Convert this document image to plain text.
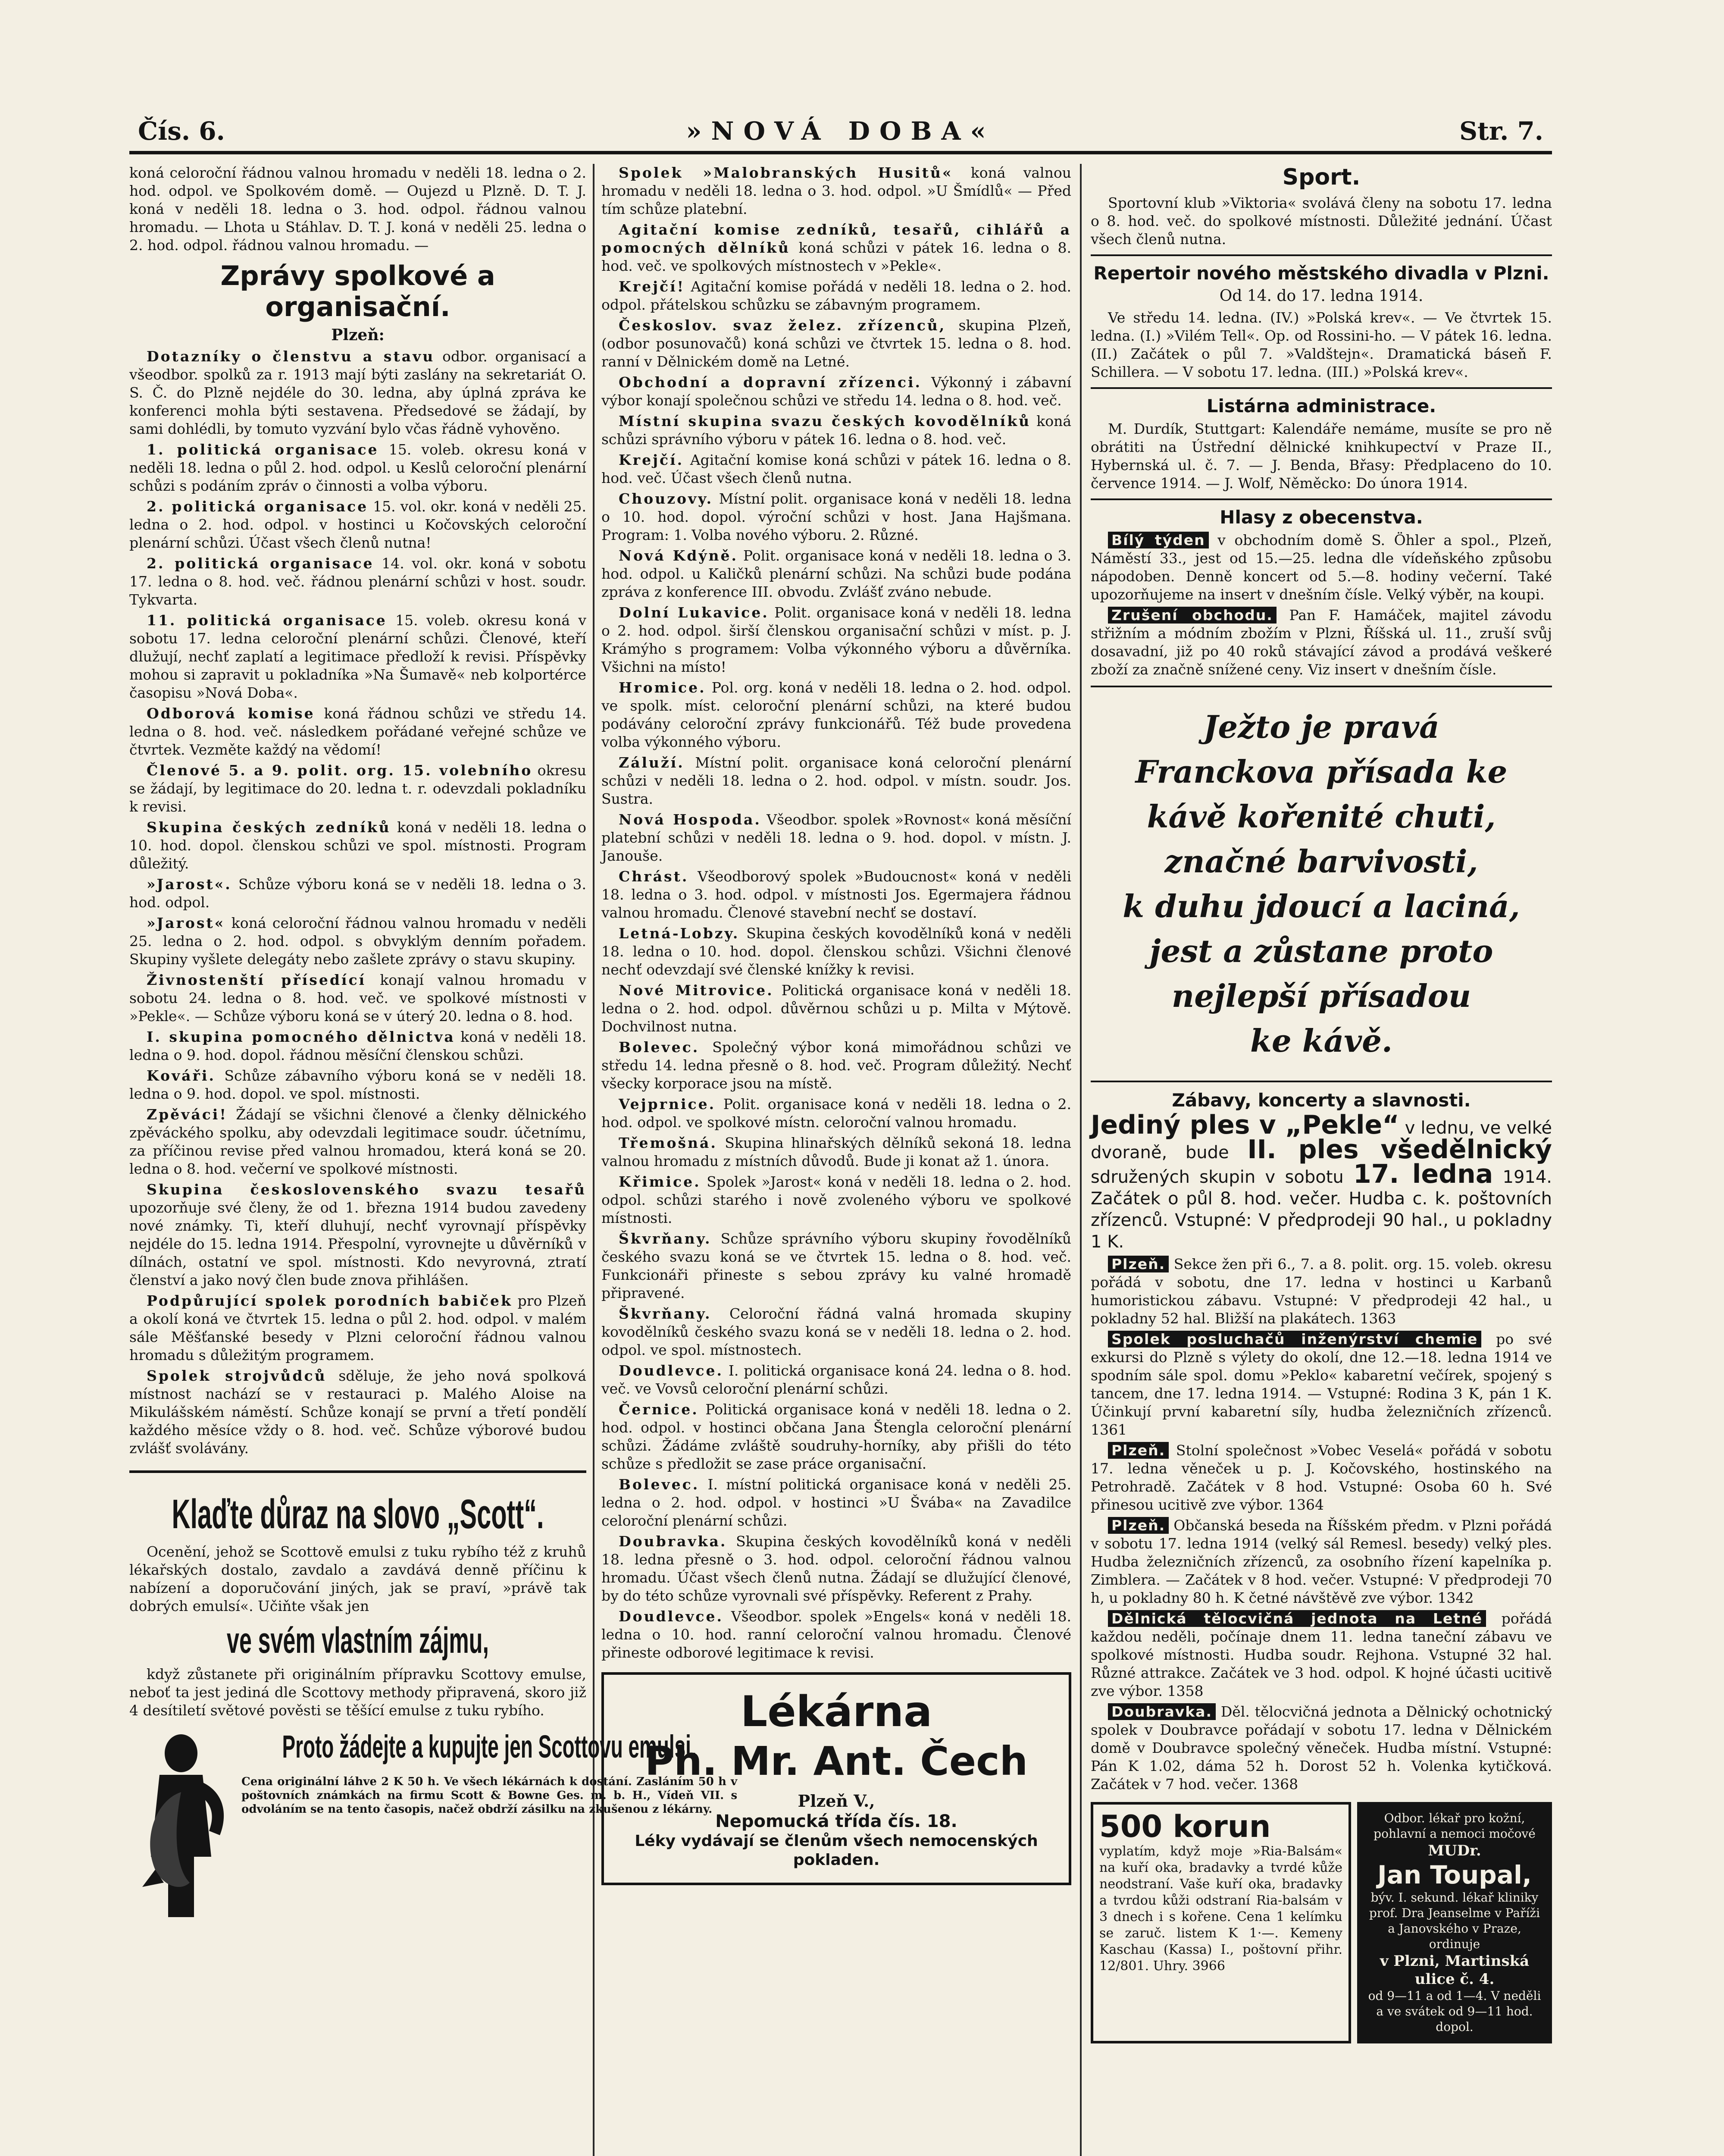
Čís. 6.	»NOVÁ DOBA«	Str. 7.

koná celoroční řádnou valnou hromadu v neděli 18. ledna o 2. hod. odpol. ve Spolkovém domě. — Oujezd u Plzně. D. T. J. koná v neděli 18. ledna o 3. hod. odpol. řádnou valnou hromadu. — Lhota u Stáhlav. D. T. J. koná v neděli 25. ledna o 2. hod. odpol. řádnou valnou hromadu. —

Zprávy spolkové a organisační.
Plzeň:

Dotazníky o členstvu a stavu odbor. organisací a všeodbor. spolků za r. 1913 mají býti zaslány na sekretariát O. S. Č. do Plzně nejdéle do 30. ledna, aby úplná zpráva ke konferenci mohla býti sestavena. Předsedové se žádají, by sami dohlédli, by tomuto vyzvání bylo včas řádně vyhověno.

1. politická organisace 15. voleb. okresu koná v neděli 18. ledna o půl 2. hod. odpol. u Keslů celoroční plenární schůzi s podáním zpráv o činnosti a volba výboru.

2. politická organisace 15. vol. okr. koná v neděli 25. ledna o 2. hod. odpol. v hostinci u Kočovských celoroční plenární schůzi. Účast všech členů nutna!

2. politická organisace 14. vol. okr. koná v sobotu 17. ledna o 8. hod. več. řádnou plenární schůzi v host. soudr. Tykvarta.

11. politická organisace 15. voleb. okresu koná v sobotu 17. ledna celoroční plenární schůzi. Členové, kteří dlužují, nechť zaplatí a legitimace předloží k revisi. Příspěvky mohou si zapravit u pokladníka »Na Šumavě« neb kolportérce časopisu »Nová Doba«.

Odborová komise koná řádnou schůzi ve středu 14. ledna o 8. hod. več. následkem pořádané veřejné schůze ve čtvrtek. Vezměte každý na vědomí!

Členové 5. a 9. polit. org. 15. volebního okresu se žádají, by legitimace do 20. ledna t. r. odevzdali pokladníku k revisi.

Skupina českých zedníků koná v neděli 18. ledna o 10. hod. dopol. členskou schůzi ve spol. místnosti. Program důležitý.

»Jarost«. Schůze výboru koná se v neděli 18. ledna o 3. hod. odpol.

»Jarost« koná celoroční řádnou valnou hromadu v neděli 25. ledna o 2. hod. odpol. s obvyklým denním pořadem. Skupiny vyšlete delegáty nebo zašlete zprávy o stavu skupiny.

Živnostenští přísedící konají valnou hromadu v sobotu 24. ledna o 8. hod. več. ve spolkové místnosti v »Pekle«. — Schůze výboru koná se v úterý 20. ledna o 8. hod.

I. skupina pomocného dělnictva koná v neděli 18. ledna o 9. hod. dopol. řádnou měsíční členskou schůzi.

Kováři. Schůze zábavního výboru koná se v neděli 18. ledna o 9. hod. dopol. ve spol. místnosti.

Zpěváci! Žádají se všichni členové a členky dělnického zpěváckého spolku, aby odevzdali legitimace soudr. účetnímu, za příčinou revise před valnou hromadou, která koná se 20. ledna o 8. hod. večerní ve spolkové místnosti.

Skupina československého svazu tesařů upozorňuje své členy, že od 1. března 1914 budou zavedeny nové známky. Ti, kteří dluhují, nechť vyrovnají příspěvky nejdéle do 15. ledna 1914. Přespolní, vyrovnejte u důvěrníků v dílnách, ostatní ve spol. místnosti. Kdo nevyrovná, ztratí členství a jako nový člen bude znova přihlášen.

Podpůrující spolek porodních babiček pro Plzeň a okolí koná ve čtvrtek 15. ledna o půl 2. hod. odpol. v malém sále Měšťanské besedy v Plzni celoroční řádnou valnou hromadu s důležitým programem.

Spolek strojvůdců sděluje, že jeho nová spolková místnost nachází se v restauraci p. Malého Aloise na Mikulášském náměstí. Schůze konají se první a třetí pondělí každého měsíce vždy o 8. hod. več. Schůze výborové budou zvlášť svolávány.

Klaďte důraz na slovo „Scott“.

Ocenění, jehož se Scottově emulsi z tuku rybího též z kruhů lékařských dostalo, zavdalo a zavdává denně příčinu k nabízení a doporučování jiných, jak se praví, »právě tak dobrých emulsí«. Učiňte však jen

ve svém vlastním zájmu,

když zůstanete při originálním přípravku Scottovy emulse, neboť ta jest jediná dle Scottovy methody připravená, skoro již 4 desítiletí světové pověsti se těšící emulse z tuku rybího.

Proto žádejte a kupujte jen Scottovu emulsi.

Cena originální láhve 2 K 50 h. Ve všech lékárnách k dostání. Zasláním 50 h v poštovních známkách na firmu Scott & Bowne Ges. m. b. H., Vídeň VII. s odvoláním se na tento časopis, načež obdrží zásilku na zkušenou z lékárny.

Spolek »Malobranských Husitů« koná valnou hromadu v neděli 18. ledna o 3. hod. odpol. »U Šmídlů« — Před tím schůze platební.

Agitační komise zedníků, tesařů, cihlářů a pomocných dělníků koná schůzi v pátek 16. ledna o 8. hod. več. ve spolkových místnostech v »Pekle«.

Krejčí! Agitační komise pořádá v neděli 18. ledna o 2. hod. odpol. přátelskou schůzku se zábavným programem.

Českoslov. svaz želez. zřízenců, skupina Plzeň, (odbor posunovačů) koná schůzi ve čtvrtek 15. ledna o 8. hod. ranní v Dělnickém domě na Letné.

Obchodní a dopravní zřízenci. Výkonný i zábavní výbor konají společnou schůzi ve středu 14. ledna o 8. hod. več.

Místní skupina svazu českých kovodělníků koná schůzi správního výboru v pátek 16. ledna o 8. hod. več.

Krejčí. Agitační komise koná schůzi v pátek 16. ledna o 8. hod. več. Účast všech členů nutna.

Chouzovy. Místní polit. organisace koná v neděli 18. ledna o 10. hod. dopol. výroční schůzi v host. Jana Hajšmana. Program: 1. Volba nového výboru. 2. Různé.

Nová Kdýně. Polit. organisace koná v neděli 18. ledna o 3. hod. odpol. u Kaličků plenární schůzi. Na schůzi bude podána zpráva z konference III. obvodu. Zvlášť zváno nebude.

Dolní Lukavice. Polit. organisace koná v neděli 18. ledna o 2. hod. odpol. širší členskou organisační schůzi v míst. p. J. Krámýho s programem: Volba výkonného výboru a důvěrníka. Všichni na místo!

Hromice. Pol. org. koná v neděli 18. ledna o 2. hod. odpol. ve spolk. míst. celoroční plenární schůzi, na které budou podávány celoroční zprávy funkcionářů. Též bude provedena volba výkonného výboru.

Záluží. Místní polit. organisace koná celoroční plenární schůzi v neděli 18. ledna o 2. hod. odpol. v místn. soudr. Jos. Sustra.

Nová Hospoda. Všeodbor. spolek »Rovnost« koná měsíční platební schůzi v neděli 18. ledna o 9. hod. dopol. v místn. J. Janouše.

Chrást. Všeodborový spolek »Budoucnost« koná v neděli 18. ledna o 3. hod. odpol. v místnosti Jos. Egermajera řádnou valnou hromadu. Členové stavební nechť se dostaví.

Letná-Lobzy. Skupina českých kovodělníků koná v neděli 18. ledna o 10. hod. dopol. členskou schůzi. Všichni členové nechť odevzdají své členské knížky k revisi.

Nové Mitrovice. Politická organisace koná v neděli 18. ledna o 2. hod. odpol. důvěrnou schůzi u p. Milta v Mýtově. Dochvilnost nutna.

Bolevec. Společný výbor koná mimořádnou schůzi ve středu 14. ledna přesně o 8. hod. več. Program důležitý. Nechť všecky korporace jsou na místě.

Vejprnice. Polit. organisace koná v neděli 18. ledna o 2. hod. odpol. ve spolkové místn. celoroční valnou hromadu.

Třemošná. Skupina hlinařských dělníků sekoná 18. ledna valnou hromadu z místních důvodů. Bude ji konat až 1. února.

Křimice. Spolek »Jarost« koná v neděli 18. ledna o 2. hod. odpol. schůzi starého i nově zvoleného výboru ve spolkové místnosti.

Škvrňany. Schůze správního výboru skupiny řovodělníků českého svazu koná se ve čtvrtek 15. ledna o 8. hod. več. Funkcionáři přineste s sebou zprávy ku valné hromadě připravené.

Škvrňany. Celoroční řádná valná hromada skupiny kovodělníků českého svazu koná se v neděli 18. ledna o 2. hod. odpol. ve spol. místnostech.

Doudlevce. I. politická organisace koná 24. ledna o 8. hod. več. ve Vovsů celoroční plenární schůzi.

Černice. Politická organisace koná v neděli 18. ledna o 2. hod. odpol. v hostinci občana Jana Štengla celoroční plenární schůzi. Žádáme zvláště soudruhy-horníky, aby přišli do této schůze s předložit se zase práce organisační.

Bolevec. I. místní politická organisace koná v neděli 25. ledna o 2. hod. odpol. v hostinci »U Švába« na Zavadilce celoroční plenární schůzi.

Doubravka. Skupina českých kovodělníků koná v neděli 18. ledna přesně o 3. hod. odpol. celoroční řádnou valnou hromadu. Účast všech členů nutna. Žádají se dlužující členové, by do této schůze vyrovnali své příspěvky. Referent z Prahy.

Doudlevce. Všeodbor. spolek »Engels« koná v neděli 18. ledna o 10. hod. ranní celoroční valnou hromadu. Členové přineste odborové legitimace k revisi.

Lékárna
Ph. Mr. Ant. Čech
Plzeň V.,
Nepomucká třída čís. 18.
Léky vydávají se členům všech nemocenských pokladen.
Sport.

Sportovní klub »Viktoria« svolává členy na sobotu 17. ledna o 8. hod. več. do spolkové místnosti. Důležité jednání. Účast všech členů nutna.

Repertoir nového městského divadla v Plzni.
Od 14. do 17. ledna 1914.

Ve středu 14. ledna. (IV.) »Polská krev«. — Ve čtvrtek 15. ledna. (I.) »Vilém Tell«. Op. od Rossini-ho. — V pátek 16. ledna. (II.) Začátek o půl 7. »Valdštejn«. Dramatická báseň F. Schillera. — V sobotu 17. ledna. (III.) »Polská krev«.

Listárna administrace.

M. Durdík, Stuttgart: Kalendáře nemáme, musíte se pro ně obrátiti na Ústřední dělnické knihkupectví v Praze II., Hybernská ul. č. 7. — J. Benda, Břasy: Předplaceno do 10. července 1914. — J. Wolf, Něměcko: Do února 1914.

Hlasy z obecenstva.

Bílý týden v obchodním domě S. Öhler a spol., Plzeň, Náměstí 33., jest od 15.—25. ledna dle vídeňského způsobu nápodoben. Denně koncert od 5.—8. hodiny večerní. Také upozorňujeme na insert v dnešním čísle. Velký výběr, na koupi.

Zrušení obchodu. Pan F. Hamáček, majitel závodu střižním a módním zbožím v Plzni, Říšská ul. 11., zruší svůj dosavadní, již po 40 roků stávající závod a prodává veškeré zboží za značně snížené ceny. Viz insert v dnešním čísle.

Ježto je pravá
Franckova přísada ke
kávě kořenité chuti,
značné barvivosti,
k duhu jdoucí a laciná,
jest a zůstane proto
nejlepší přísadou
ke kávě.
Zábavy, koncerty a slavnosti.

Jediný ples v „Pekle“ v lednu, ve velké dvoraně, bude II. ples všedělnický sdružených skupin v sobotu 17. ledna 1914. Začátek o půl 8. hod. večer. Hudba c. k. poštovních zřízenců. Vstupné: V předprodeji 90 hal., u pokladny 1 K.

Plzeň. Sekce žen při 6., 7. a 8. polit. org. 15. voleb. okresu pořádá v sobotu, dne 17. ledna v hostinci u Karbanů humoristickou zábavu. Vstupné: V předprodeji 42 hal., u pokladny 52 hal. Bližší na plakátech. 1363

Spolek posluchačů inženýrství chemie po své exkursi do Plzně s výlety do okolí, dne 12.—18. ledna 1914 ve spodním sále spol. domu »Peklo« kabaretní večírek, spojený s tancem, dne 17. ledna 1914. — Vstupné: Rodina 3 K, pán 1 K. Účinkují první kabaretní síly, hudba železničních zřízenců. 1361

Plzeň. Stolní společnost »Vobec Veselá« pořádá v sobotu 17. ledna věneček u p. J. Kočovského, hostinského na Petrohradě. Začátek v 8 hod. Vstupné: Osoba 60 h. Své přinesou ucitivě zve výbor. 1364

Plzeň. Občanská beseda na Říšském předm. v Plzni pořádá v sobotu 17. ledna 1914 (velký sál Remesl. besedy) velký ples. Hudba železničních zřízenců, za osobního řízení kapelníka p. Zimblera. — Začátek v 8 hod. večer. Vstupné: V předprodeji 70 h, u pokladny 80 h. K četné návštěvě zve výbor. 1342

Dělnická tělocvičná jednota na Letné pořádá každou neděli, počínaje dnem 11. ledna taneční zábavu ve spolkové místnosti. Hudba soudr. Rejhona. Vstupné 32 hal. Různé attrakce. Začátek ve 3 hod. odpol. K hojné účasti ucitivě zve výbor. 1358

Doubravka. Děl. tělocvičná jednota a Dělnický ochotnický spolek v Doubravce pořádají v sobotu 17. ledna v Dělnickém domě v Doubravce společný věneček. Hudba místní. Vstupné: Pán K 1.02, dáma 52 h. Dorost 52 h. Volenka kytičková. Začátek v 7 hod. večer. 1368

500 korun
vyplatím, když moje »Ria-Balsám« na kuří oka, bradavky a tvrdé kůže neodstraní. Vaše kuří oka, bradavky a tvrdou kůži odstraní Ria-balsám v 3 dnech i s kořene. Cena 1 kelímku se zaruč. listem K 1·—. Kemeny Kaschau (Kassa) I., poštovní přihr. 12/801. Uhry. 3966
Odbor. lékař pro kožní, pohlavní a nemoci močové
MUDr.
Jan Toupal,
býv. I. sekund. lékař kliniky prof. Dra Jeanselme v Paříži a Janovského v Praze, ordinuje
v Plzni, Martinská ulice č. 4.
od 9—11 a od 1—4. V neděli a ve svátek od 9—11 hod. dopol.
